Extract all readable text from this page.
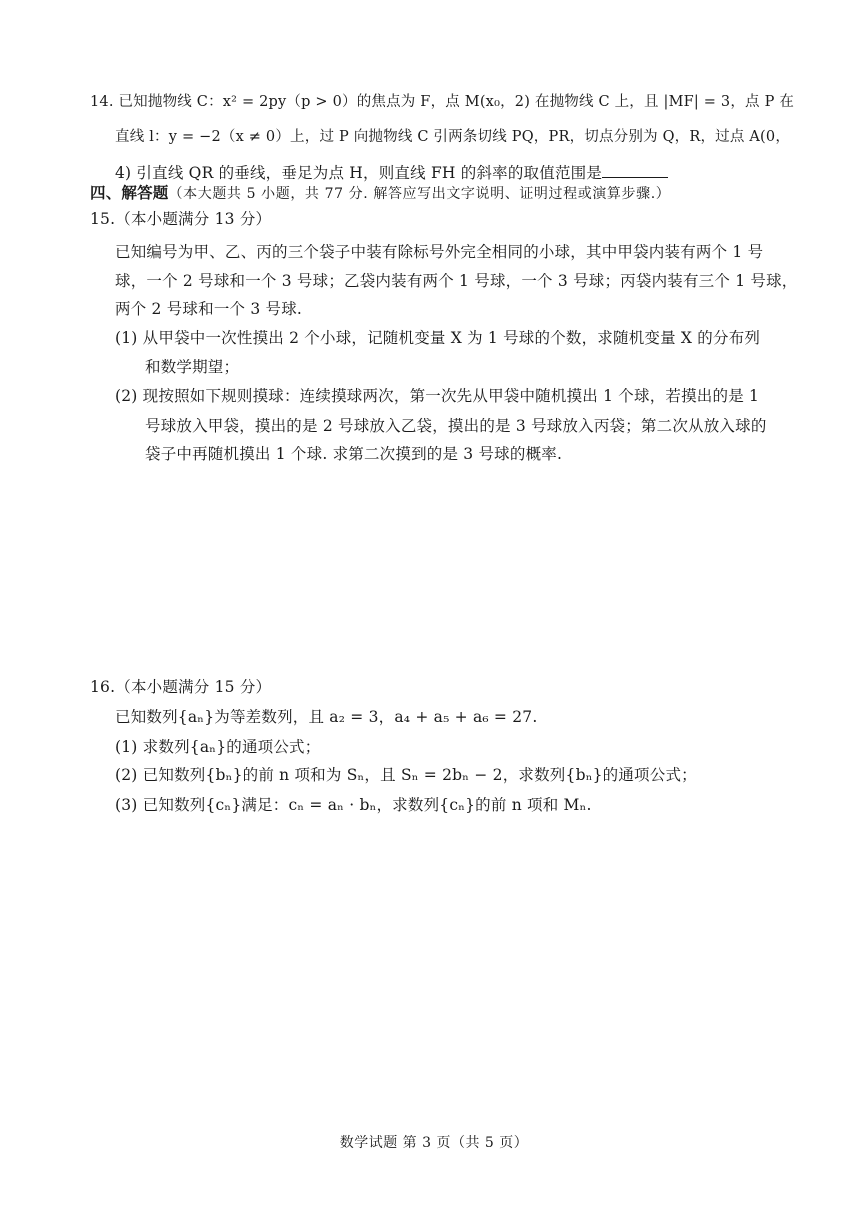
14. 已知抛物线 C：x² = 2py（p > 0）的焦点为 F，点 M(x₀，2) 在抛物线 C 上，且 |MF| = 3，点 P 在
直线 l：y = −2（x ≠ 0）上，过 P 向抛物线 C 引两条切线 PQ，PR，切点分别为 Q，R，过点 A(0，
4) 引直线 QR 的垂线，垂足为点 H，则直线 FH 的斜率的取值范围是
四、解答题（本大题共 5 小题，共 77 分. 解答应写出文字说明、证明过程或演算步骤.）
15.（本小题满分 13 分）
已知编号为甲、乙、丙的三个袋子中装有除标号外完全相同的小球，其中甲袋内装有两个 1 号
球，一个 2 号球和一个 3 号球；乙袋内装有两个 1 号球，一个 3 号球；丙袋内装有三个 1 号球，
两个 2 号球和一个 3 号球.
(1) 从甲袋中一次性摸出 2 个小球，记随机变量 X 为 1 号球的个数，求随机变量 X 的分布列
和数学期望；
(2) 现按照如下规则摸球：连续摸球两次，第一次先从甲袋中随机摸出 1 个球，若摸出的是 1
号球放入甲袋，摸出的是 2 号球放入乙袋，摸出的是 3 号球放入丙袋；第二次从放入球的
袋子中再随机摸出 1 个球. 求第二次摸到的是 3 号球的概率.
16.（本小题满分 15 分）
已知数列{aₙ}为等差数列，且 a₂ = 3，a₄ + a₅ + a₆ = 27.
(1) 求数列{aₙ}的通项公式；
(2) 已知数列{bₙ}的前 n 项和为 Sₙ，且 Sₙ = 2bₙ − 2，求数列{bₙ}的通项公式；
(3) 已知数列{cₙ}满足：cₙ = aₙ · bₙ，求数列{cₙ}的前 n 项和 Mₙ.
数学试题 第 3 页（共 5 页）
